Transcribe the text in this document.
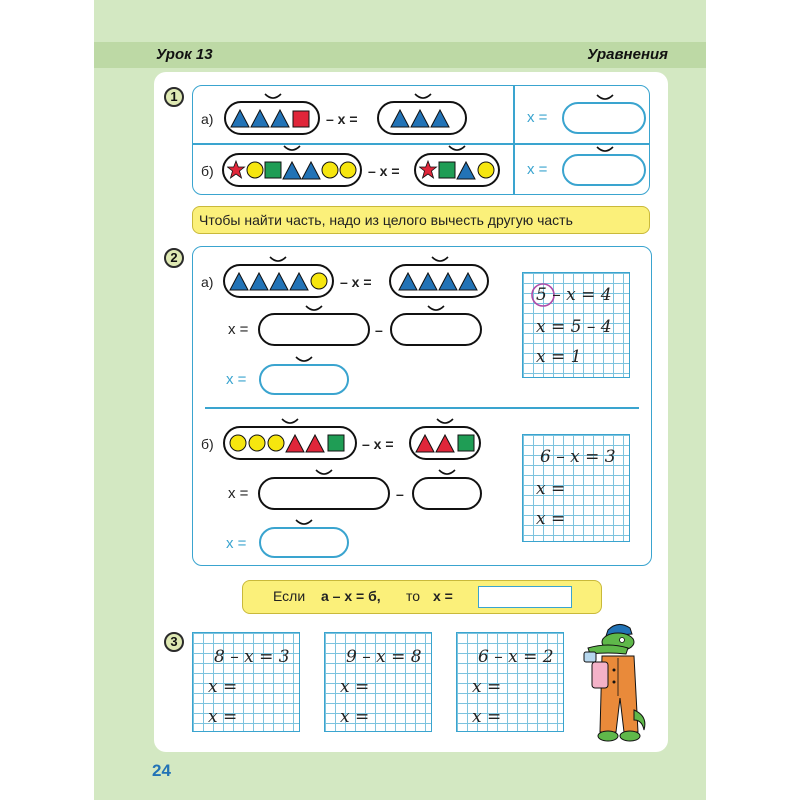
Урок 13	Уравнения
1
а)	– x =	x =
б)	– x =	x =
Чтобы найти часть, надо из целого вычесть другую часть
2
а)	– x =
x =	–
x =
5 – x = 4
x = 5 – 4
x = 1
б)	– x =
x =	–
x =
6 – x = 3
x =
x =
Если а – х = б, то х =
3
8 – x = 3
x =
x =
9 – x = 8
x =
x =
6 – x = 2
x =
x =
24
